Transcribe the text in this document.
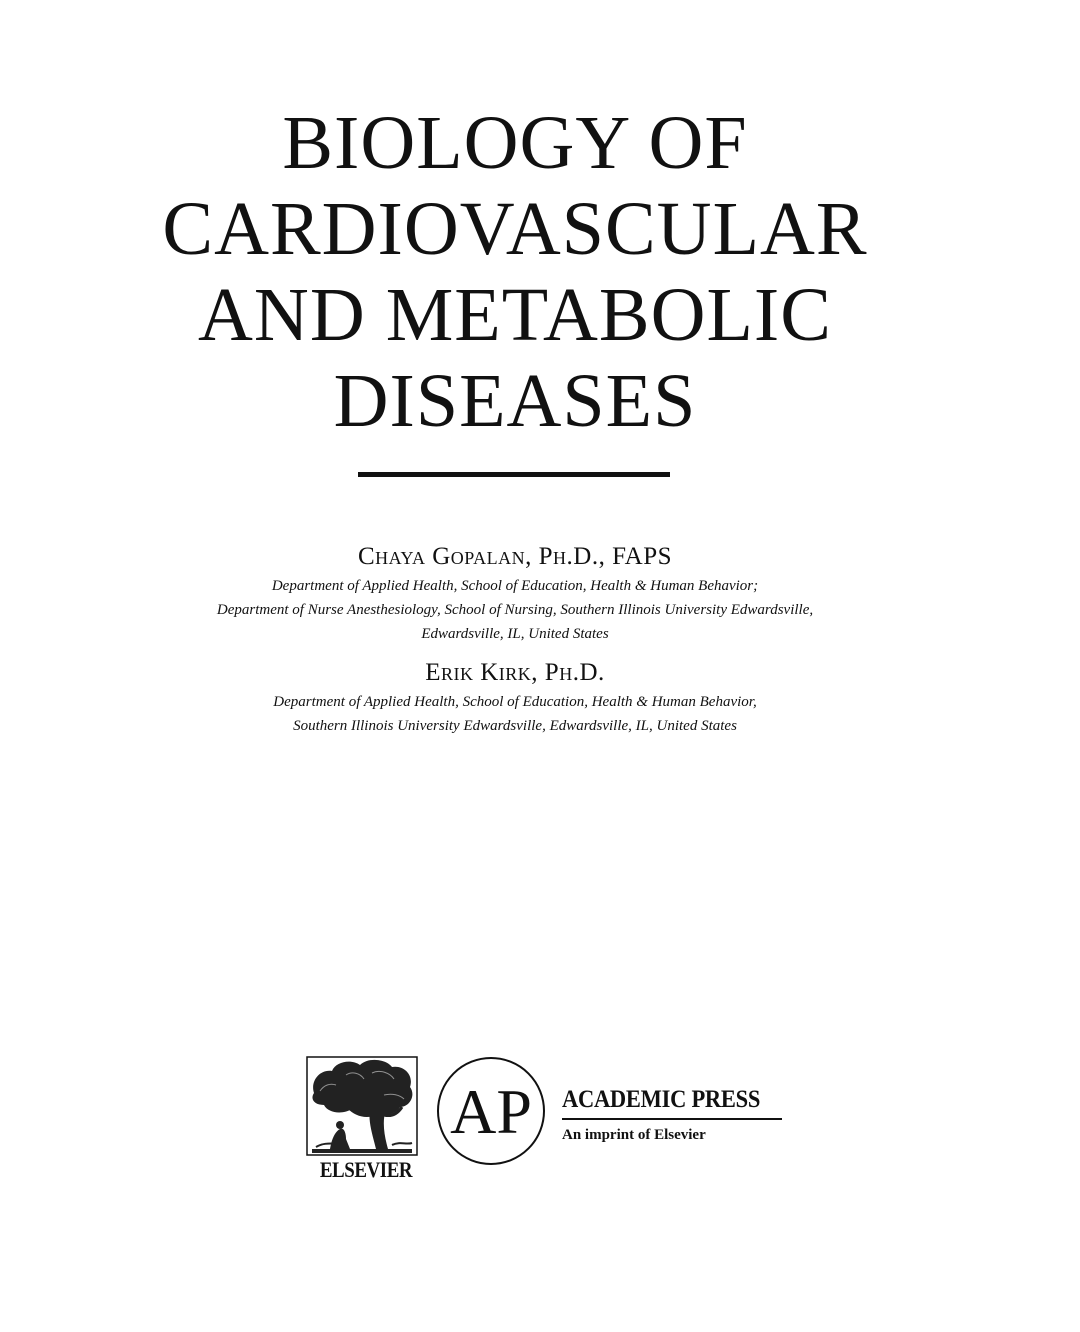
BIOLOGY OF
CARDIOVASCULAR
AND METABOLIC
DISEASES
Chaya Gopalan, Ph.D., FAPS
Department of Applied Health, School of Education, Health & Human Behavior;
Department of Nurse Anesthesiology, School of Nursing, Southern Illinois University Edwardsville,
Edwardsville, IL, United States
Erik Kirk, Ph.D.
Department of Applied Health, School of Education, Health & Human Behavior,
Southern Illinois University Edwardsville, Edwardsville, IL, United States
ELSEVIER
AP ACADEMIC PRESS
An imprint of Elsevier
